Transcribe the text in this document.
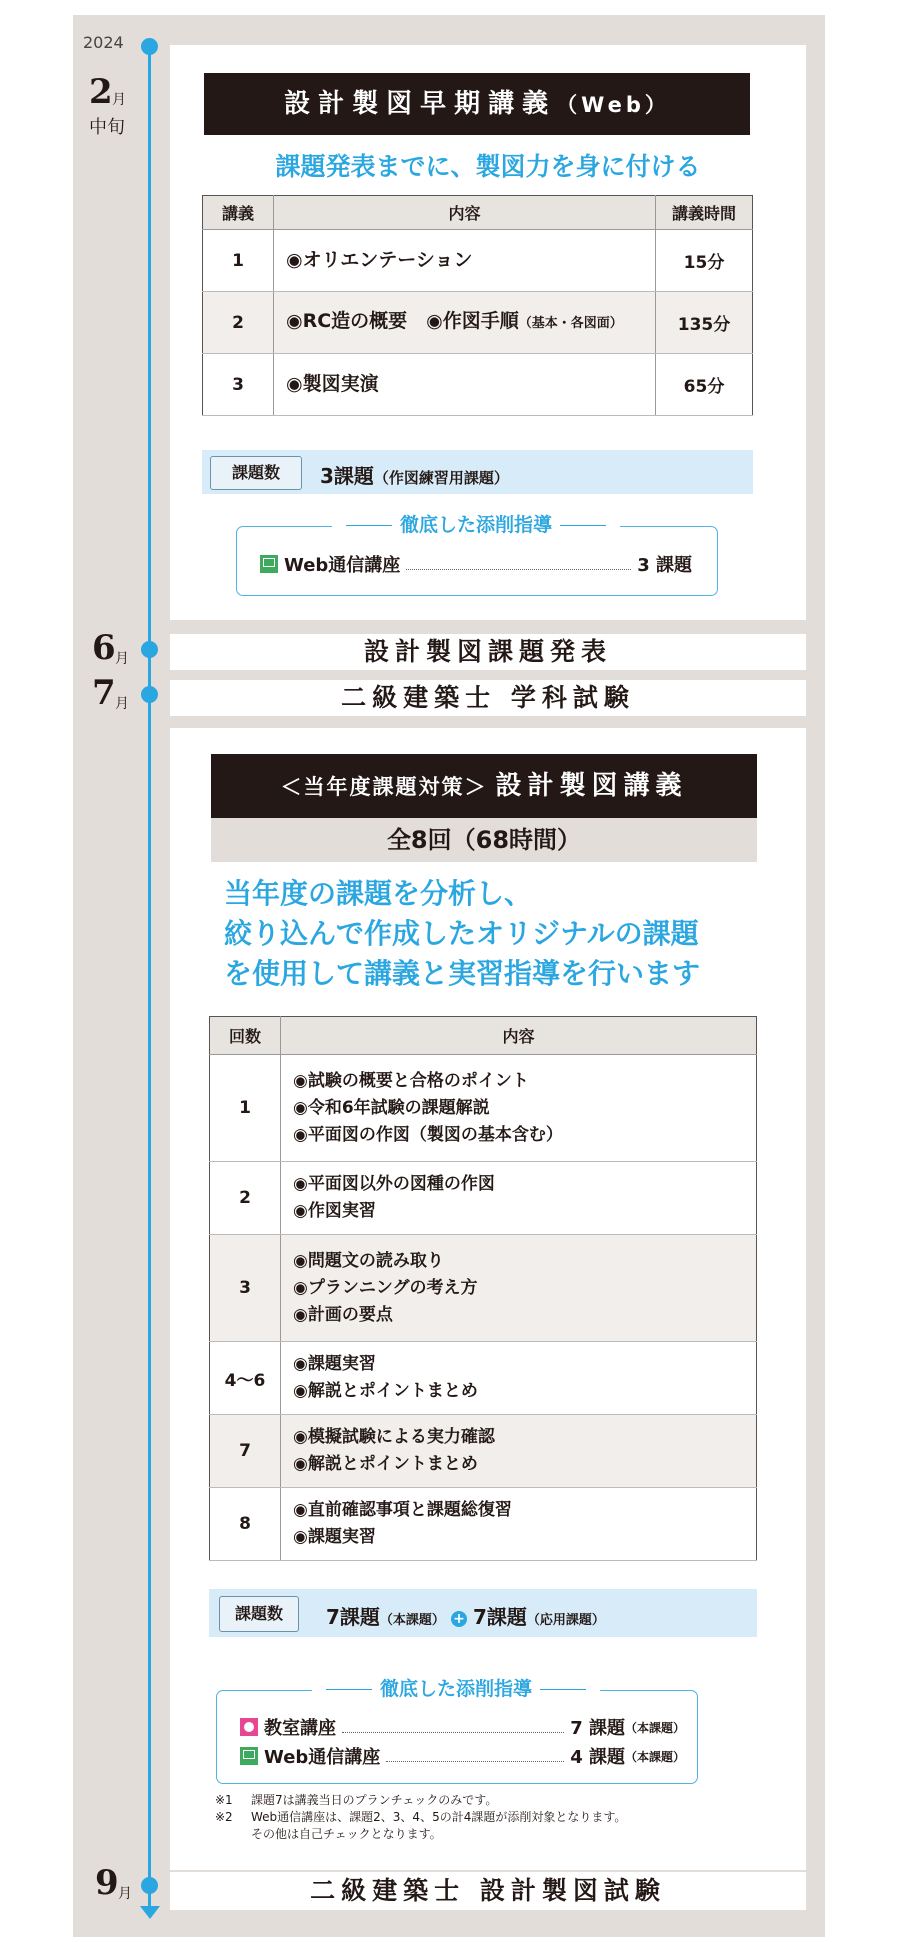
2024
2 月
中旬
6 月
7 月
9 月
設計製図早期講義（Web）
課題発表までに、製図力を身に付ける
講義	内容	講義時間
1	◉オリエンテーション	15分
2	◉RC造の概要　◉作図手順（基本・各図面）	135分
3	◉製図実演	65分
課題数	3課題（作図練習用課題）
徹底した添削指導
Web通信講座	3 課題
設計製図課題発表
二級建築士 学科試験
＜当年度課題対策＞ 設計製図講義
全8回（68時間）
当年度の課題を分析し、
絞り込んで作成したオリジナルの課題
を使用して講義と実習指導を行います
回数	内容
1	◉試験の概要と合格のポイント
◉令和6年試験の課題解説
◉平面図の作図（製図の基本含む）

2	◉平面図以外の図種の作図
◉作図実習

3	◉問題文の読み取り
◉プランニングの考え方
◉計画の要点

4〜6	◉課題実習
◉解説とポイントまとめ

7	◉模擬試験による実力確認
◉解説とポイントまとめ

8	◉直前確認事項と課題総復習
◉課題実習
課題数	7課題（本課題） + 7課題（応用課題）
徹底した添削指導
教室講座	7 課題 （本課題）
Web通信講座	4 課題 （本課題）
※1 課題7は講義当日のプランチェックのみです。
※2 Web通信講座は、課題2、3、4、5の計4課題が添削対象となります。
その他は自己チェックとなります。
二級建築士 設計製図試験
